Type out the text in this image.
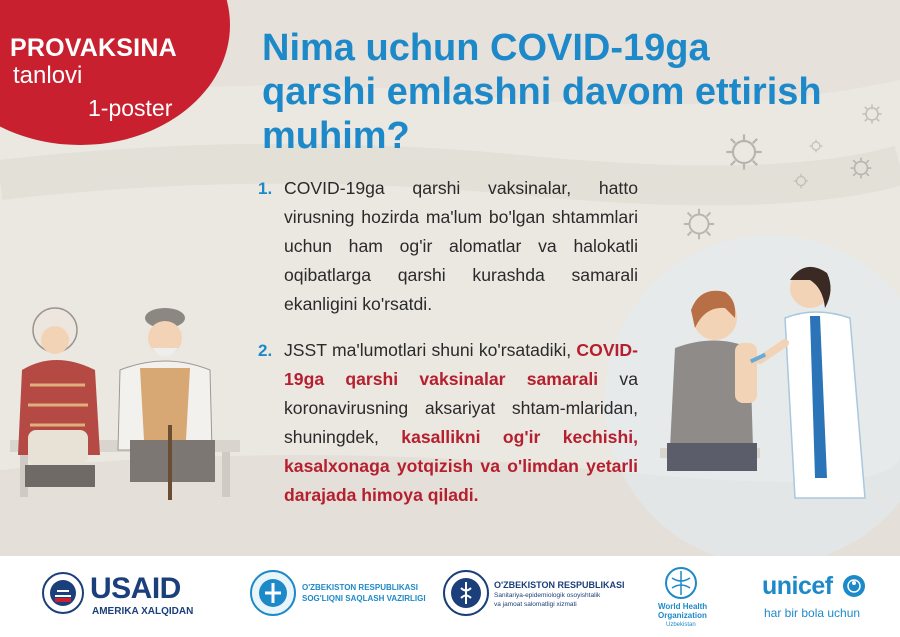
PROVAKSINA
tanlovi
1-poster
Nima uchun COVID-19ga qarshi emlashni davom ettirish muhim?
1. COVID-19ga qarshi vaksinalar, hatto virusning hozirda ma'lum bo'lgan shtammlari uchun ham og'ir alomatlar va halokatli oqibatlarga qarshi kurashda samarali ekanligini ko'rsatdi.
2. JSST ma'lumotlari shuni ko'rsatadiki, COVID-19ga qarshi vaksinalar samarali va koronavirusning aksariyat shtam-mlaridan, shuningdek, kasallikni og'ir kechishi, kasalxonaga yotqizish va o'limdan yetarli darajada himoya qiladi.
USAID
AMERIKA XALQIDAN
O'ZBEKISTON RESPUBLIKASI
SOG'LIQNI SAQLASH VAZIRLIGI
O'ZBEKISTON RESPUBLIKASI
Sanitariya-epidemiologik osoyishtalik
va jamoat salomatligi xizmati	World Health
Organization
Uzbekistan
unicef
har bir bola uchun
